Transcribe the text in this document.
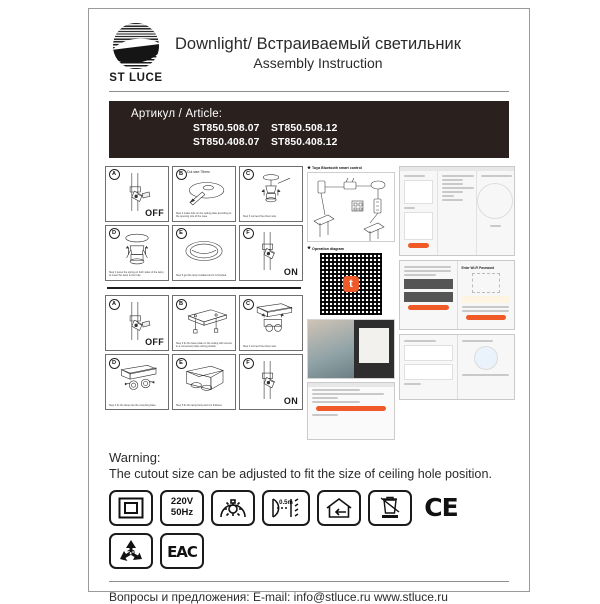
ST LUCE
Downlight/ Встраиваемый светильник
Assembly Instruction
Артикул / Article:
ST850.508.07 ST850.508.12
ST850.408.07 ST850.408.12
A
OFF
B	Cut size:75mm
Step 2 make hole on the ceiling plate according to the opening size of the case.
C
Step 3 connect the driver wire.
D
Step 4 press the spring on both sides of the lamp to insert the lamp in the hole.
E
Step 5 get the lamp installed and it is finished.
F
ON
A
OFF
B
Step 2 fix the base plate on the ceiling with screws in a convenient place wiring position.
C
Step 3 connect the driver wire.
D
Step 4 fix the lamp into the mounting base.
E
Step 5 fix the lamp body and it is finished.
F
ON
★ Tuya Bluetooth smart control
★ Operation diagram
t
Enter Wi-Fi Password
Warning:
The cutout size can be adjusted to fit the size of ceiling hole position.
220V
50Hz
0.5m	CE
20 EAC
Вопросы и предложения: E-mail: info@stluce.ru www.stluce.ru
